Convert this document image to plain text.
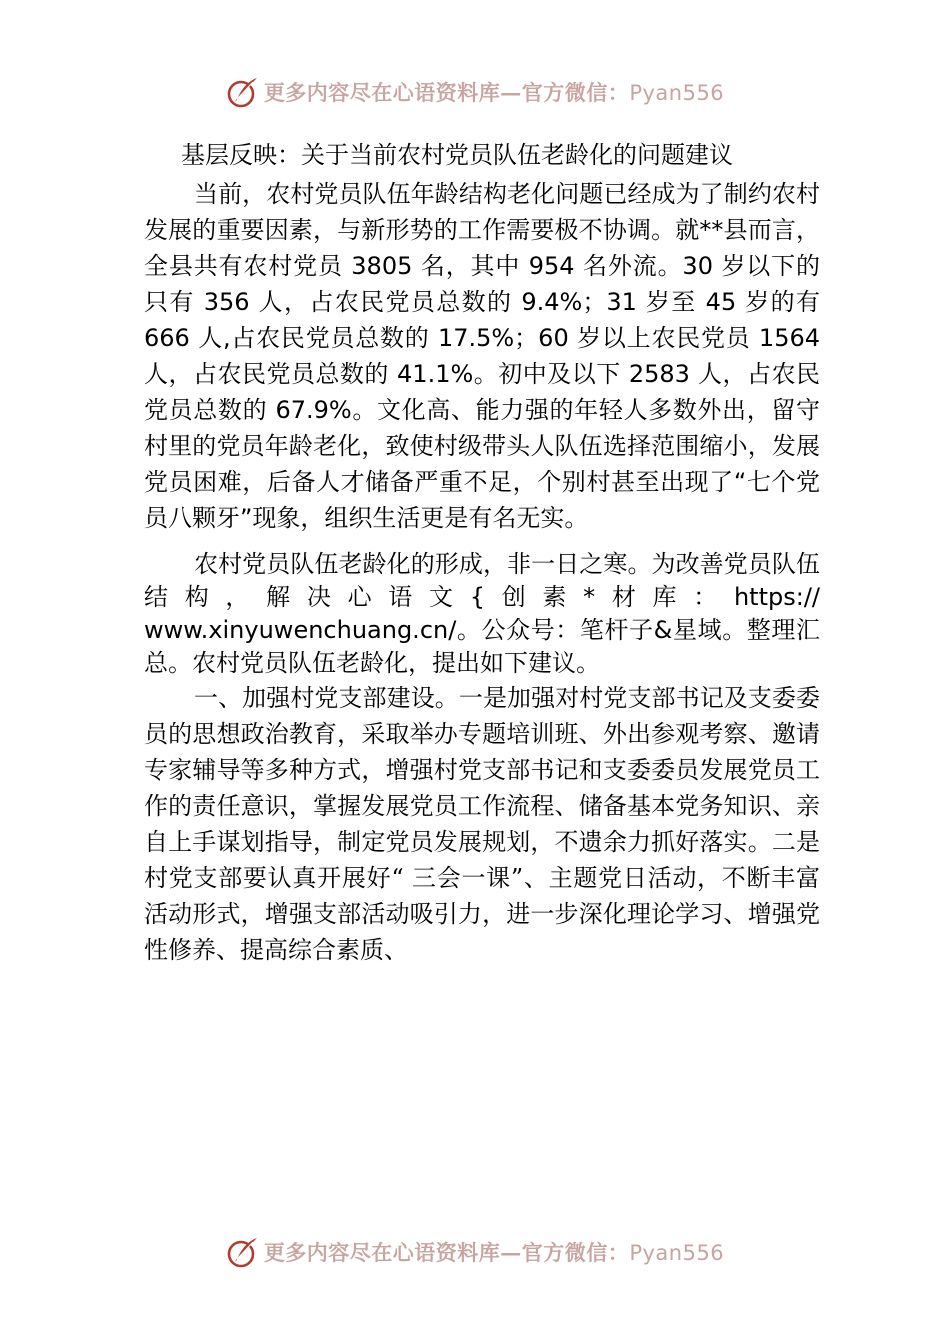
更多内容尽在心语资料库—官方微信：Pyan556
基层反映：关于当前农村党员队伍老龄化的问题建议

当前，农村党员队伍年龄结构老化问题已经成为了制约农村发展的重要因素，与新形势的工作需要极不协调。就**县而言，全县共有农村党员 3805 名，其中 954 名外流。30 岁以下的只有 356 人，占农民党员总数的 9.4%；31 岁至 45 岁的有 666 人,占农民党员总数的 17.5%；60 岁以上农民党员 1564 人，占农民党员总数的 41.1%。初中及以下 2583 人，占农民党员总数的 67.9%。文化高、能力强的年轻人多数外出，留守村里的党员年龄老化，致使村级带头人队伍选择范围缩小，发展党员困难，后备人才储备严重不足，个别村甚至出现了“七个党员八颗牙”现象，组织生活更是有名无实。

农村党员队伍老龄化的形成，非一日之寒。为改善党员队伍结构，解决心语文{创素*材库：https:// www.xinyuwenchuang.cn/。公众号：笔杆子&星域。整理汇总。农村党员队伍老龄化，提出如下建议。

一、加强村党支部建设。一是加强对村党支部书记及支委委员的思想政治教育，采取举办专题培训班、外出参观考察、邀请专家辅导等多种方式，增强村党支部书记和支委委员发展党员工作的责任意识，掌握发展党员工作流程、储备基本党务知识、亲自上手谋划指导，制定党员发展规划，不遗余力抓好落实。二是村党支部要认真开展好“ 三会一课”、主题党日活动，不断丰富活动形式，增强支部活动吸引力，进一步深化理论学习、增强党性修养、提高综合素质、

更多内容尽在心语资料库—官方微信：Pyan556
